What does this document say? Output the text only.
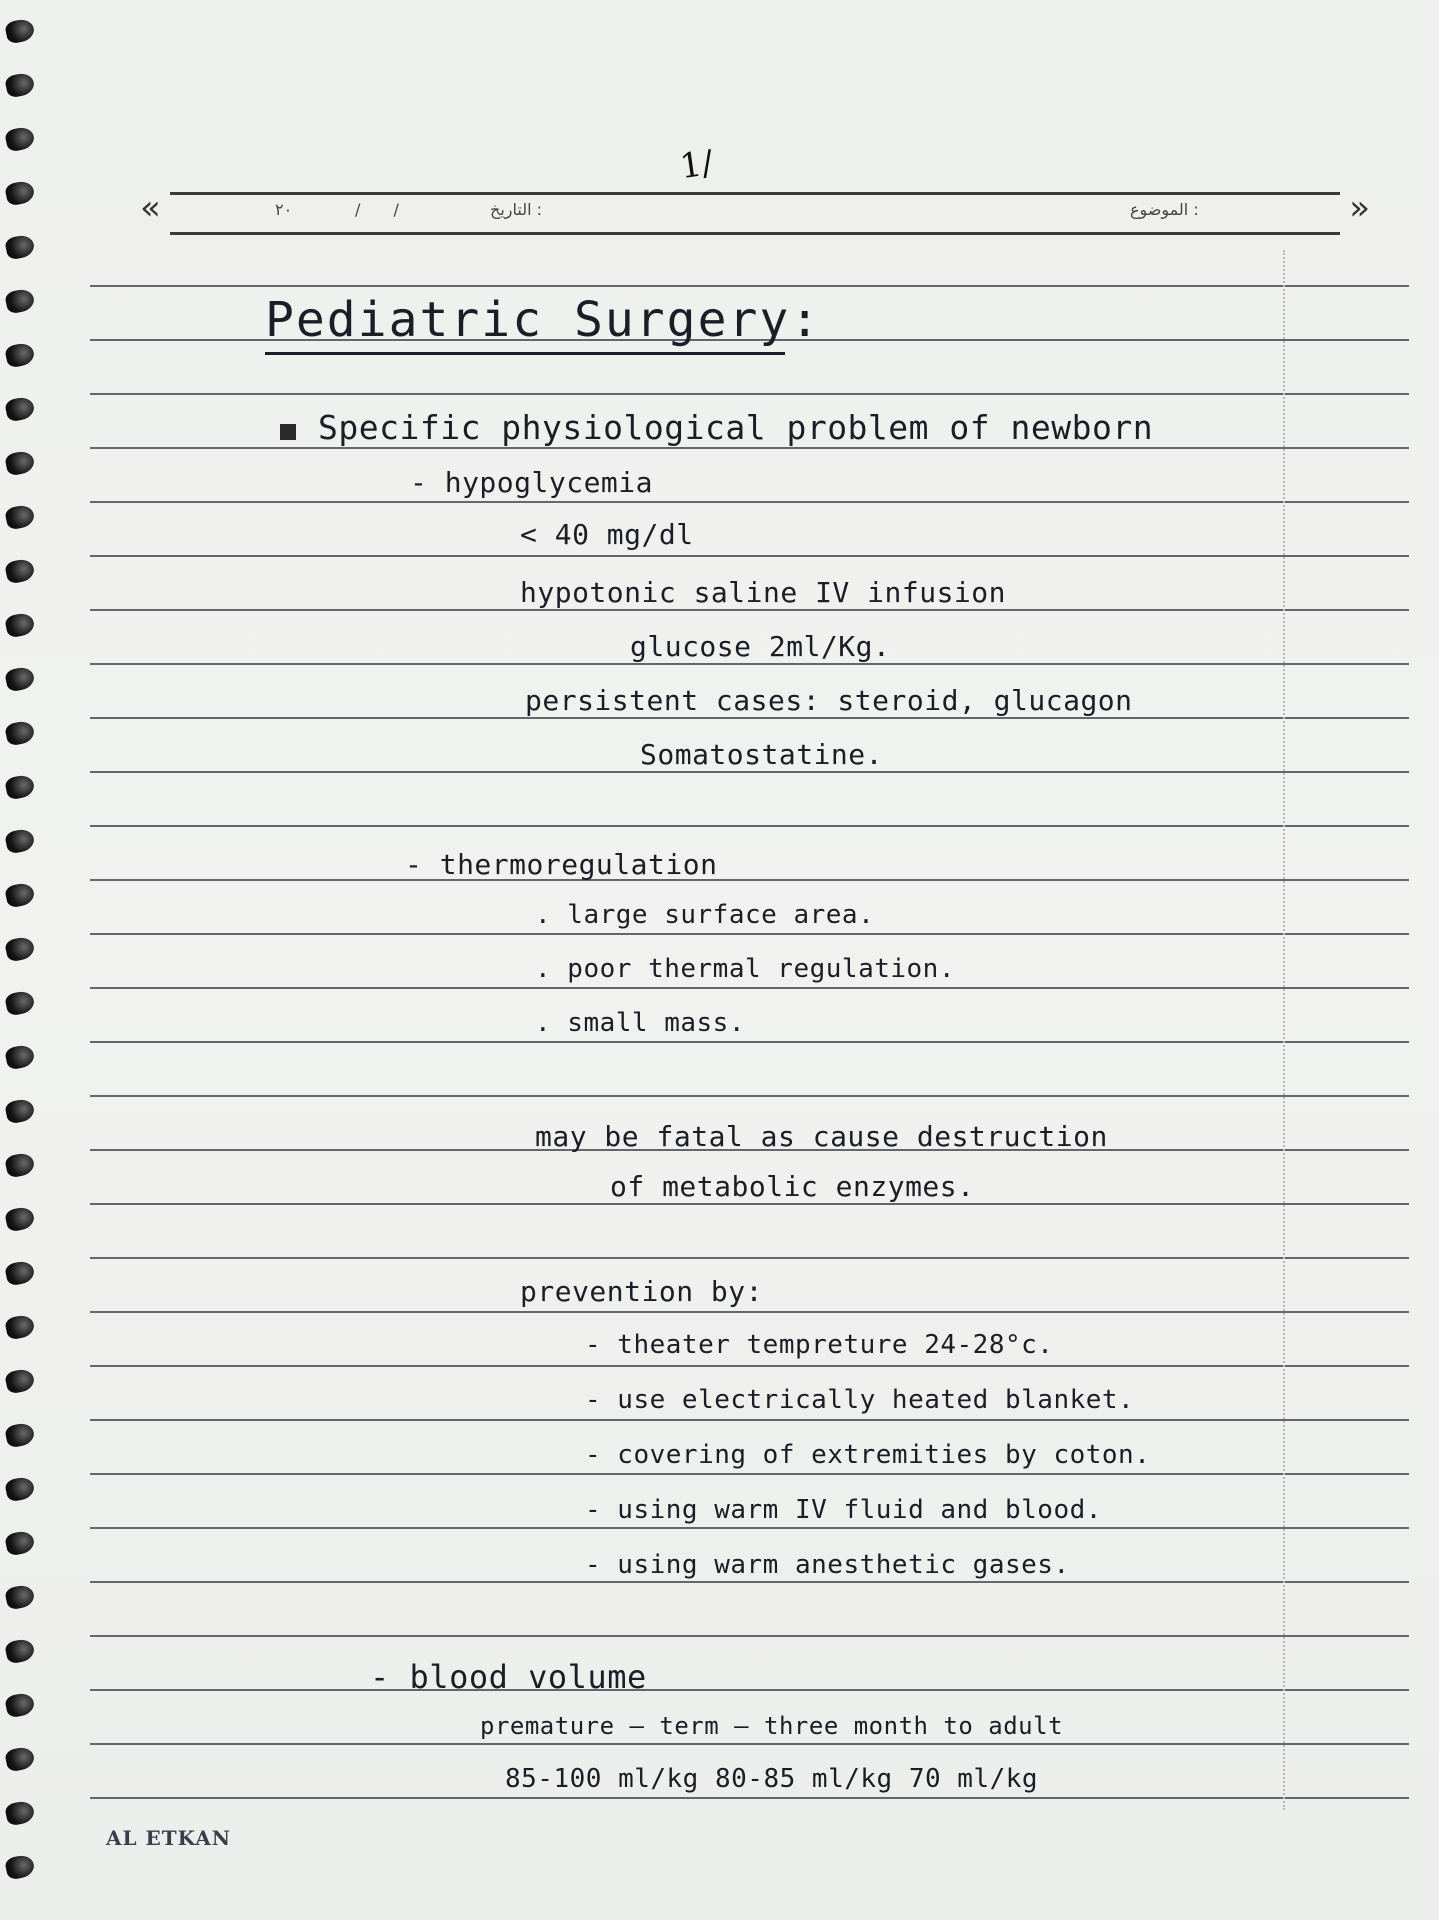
1/
«	»
٢٠	/ /	التاريخ :	الموضوع :
Pediatric Surgery:
Specific physiological problem of newborn
- hypoglycemia
< 40 mg/dl
hypotonic saline IV infusion
glucose 2ml/Kg.
persistent cases: steroid, glucagon
Somatostatine.
- thermoregulation
. large surface area.
. poor thermal regulation.
. small mass.
may be fatal as cause destruction
of metabolic enzymes.
prevention by:
- theater tempreture 24-28°c.
- use electrically heated blanket.
- covering of extremities by coton.
- using warm IV fluid and blood.
- using warm anesthetic gases.
- blood volume
premature — term — three month to adult
85-100 ml/kg 80-85 ml/kg 70 ml/kg
AL ETKAN
